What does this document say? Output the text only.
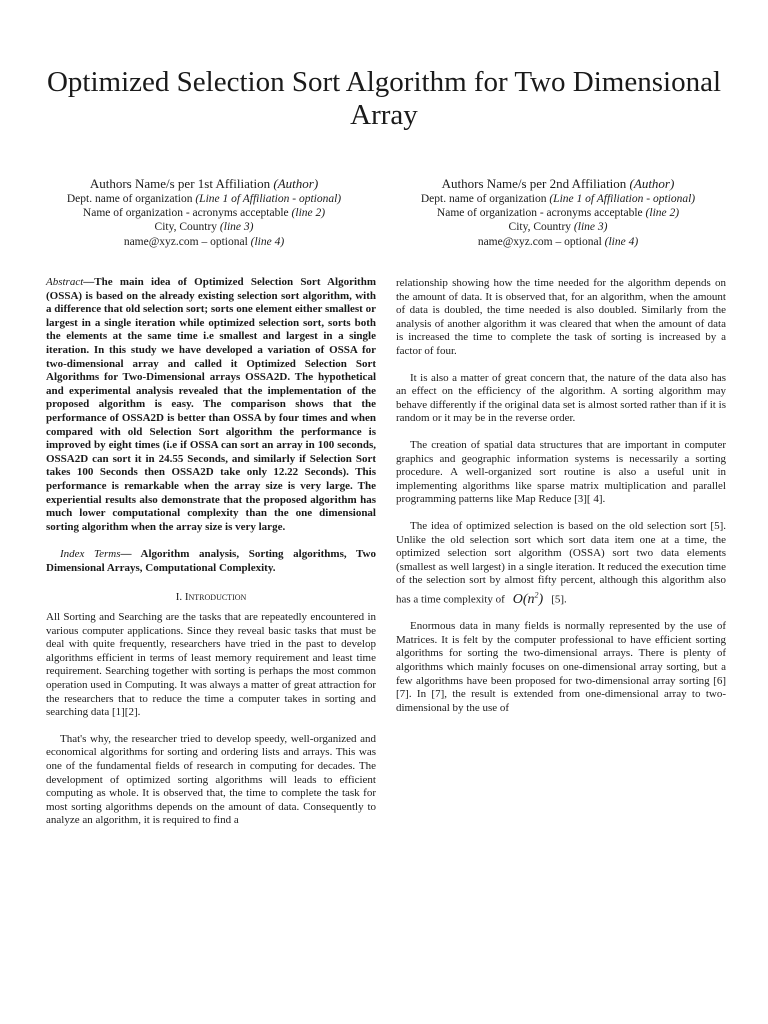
Optimized Selection Sort Algorithm for Two Dimensional Array
Authors Name/s per 1st Affiliation (Author)
Dept. name of organization (Line 1 of Affiliation - optional)
Name of organization - acronyms acceptable (line 2)
City, Country (line 3)
name@xyz.com – optional (line 4)
Authors Name/s per 2nd Affiliation (Author)
Dept. name of organization (Line 1 of Affiliation - optional)
Name of organization - acronyms acceptable (line 2)
City, Country (line 3)
name@xyz.com – optional (line 4)

Abstract—The main idea of Optimized Selection Sort Algorithm (OSSA) is based on the already existing selection sort algorithm, with a difference that old selection sort; sorts one element either smallest or largest in a single iteration while optimized selection sort, sorts both the elements at the same time i.e smallest and largest in a single iteration. In this study we have developed a variation of OSSA for two-dimensional array and called it Optimized Selection Sort Algorithms for Two-Dimensional arrays OSSA2D. The hypothetical and experimental analysis revealed that the implementation of the proposed algorithm is easy. The comparison shows that the performance of OSSA2D is better than OSSA by four times and when compared with old Selection Sort algorithm the performance is improved by eight times (i.e if OSSA can sort an array in 100 seconds, OSSA2D can sort it in 24.55 Seconds, and similarly if Selection Sort takes 100 Seconds then OSSA2D take only 12.22 Seconds). This performance is remarkable when the array size is very large. The experiential results also demonstrate that the proposed algorithm has much lower computational complexity than the one dimensional sorting algorithm when the array size is very large.

Index Terms— Algorithm analysis, Sorting algorithms, Two Dimensional Arrays, Computational Complexity.

I. Introduction

All Sorting and Searching are the tasks that are repeatedly encountered in various computer applications. Since they reveal basic tasks that must be deal with quite frequently, researchers have tried in the past to develop algorithms efficient in terms of least memory requirement and least time requirement. Searching together with sorting is perhaps the most common operation used in Computing. It was always a matter of great attraction for the researchers that to reduce the time a computer takes in sorting and searching data [1][2].

That's why, the researcher tried to develop speedy, well-organized and economical algorithms for sorting and ordering lists and arrays. This was one of the fundamental fields of research in computing for decades. The development of optimized sorting algorithms will leads to efficient computing as whole. It is observed that, the time to complete the task for most sorting algorithms depends on the amount of data. Consequently to analyze an algorithm, it is required to find a

relationship showing how the time needed for the algorithm depends on the amount of data. It is observed that, for an algorithm, when the amount of data is doubled, the time needed is also doubled. Similarly from the analysis of another algorithm it was cleared that when the amount of data is increased the time to complete the task of sorting is increased by a factor of four.

It is also a matter of great concern that, the nature of the data also has an effect on the efficiency of the algorithm. A sorting algorithm may behave differently if the original data set is almost sorted rather than if it is random or it may be in the reverse order.

The creation of spatial data structures that are important in computer graphics and geographic information systems is necessarily a sorting procedure. A well-organized sort routine is also a useful unit in implementing algorithms like sparse matrix multiplication and parallel programming patterns like Map Reduce [3][ 4].

The idea of optimized selection is based on the old selection sort [5]. Unlike the old selection sort which sort data item one at a time, the optimized selection sort algorithm (OSSA) sort two data elements (smallest as well largest) in a single iteration. It reduced the execution time of the selection sort by almost fifty percent, although this algorithm also has a time complexity of $O(n^2)$ [5].

Enormous data in many fields is normally represented by the use of Matrices. It is felt by the computer professional to have efficient sorting algorithms for sorting the two-dimensional arrays. There is plenty of algorithms which mainly focuses on one-dimensional array sorting, but a few algorithms have been proposed for two-dimensional array sorting [6][7]. In [7], the result is extended from one-dimensional array to two-dimensional by the use of
